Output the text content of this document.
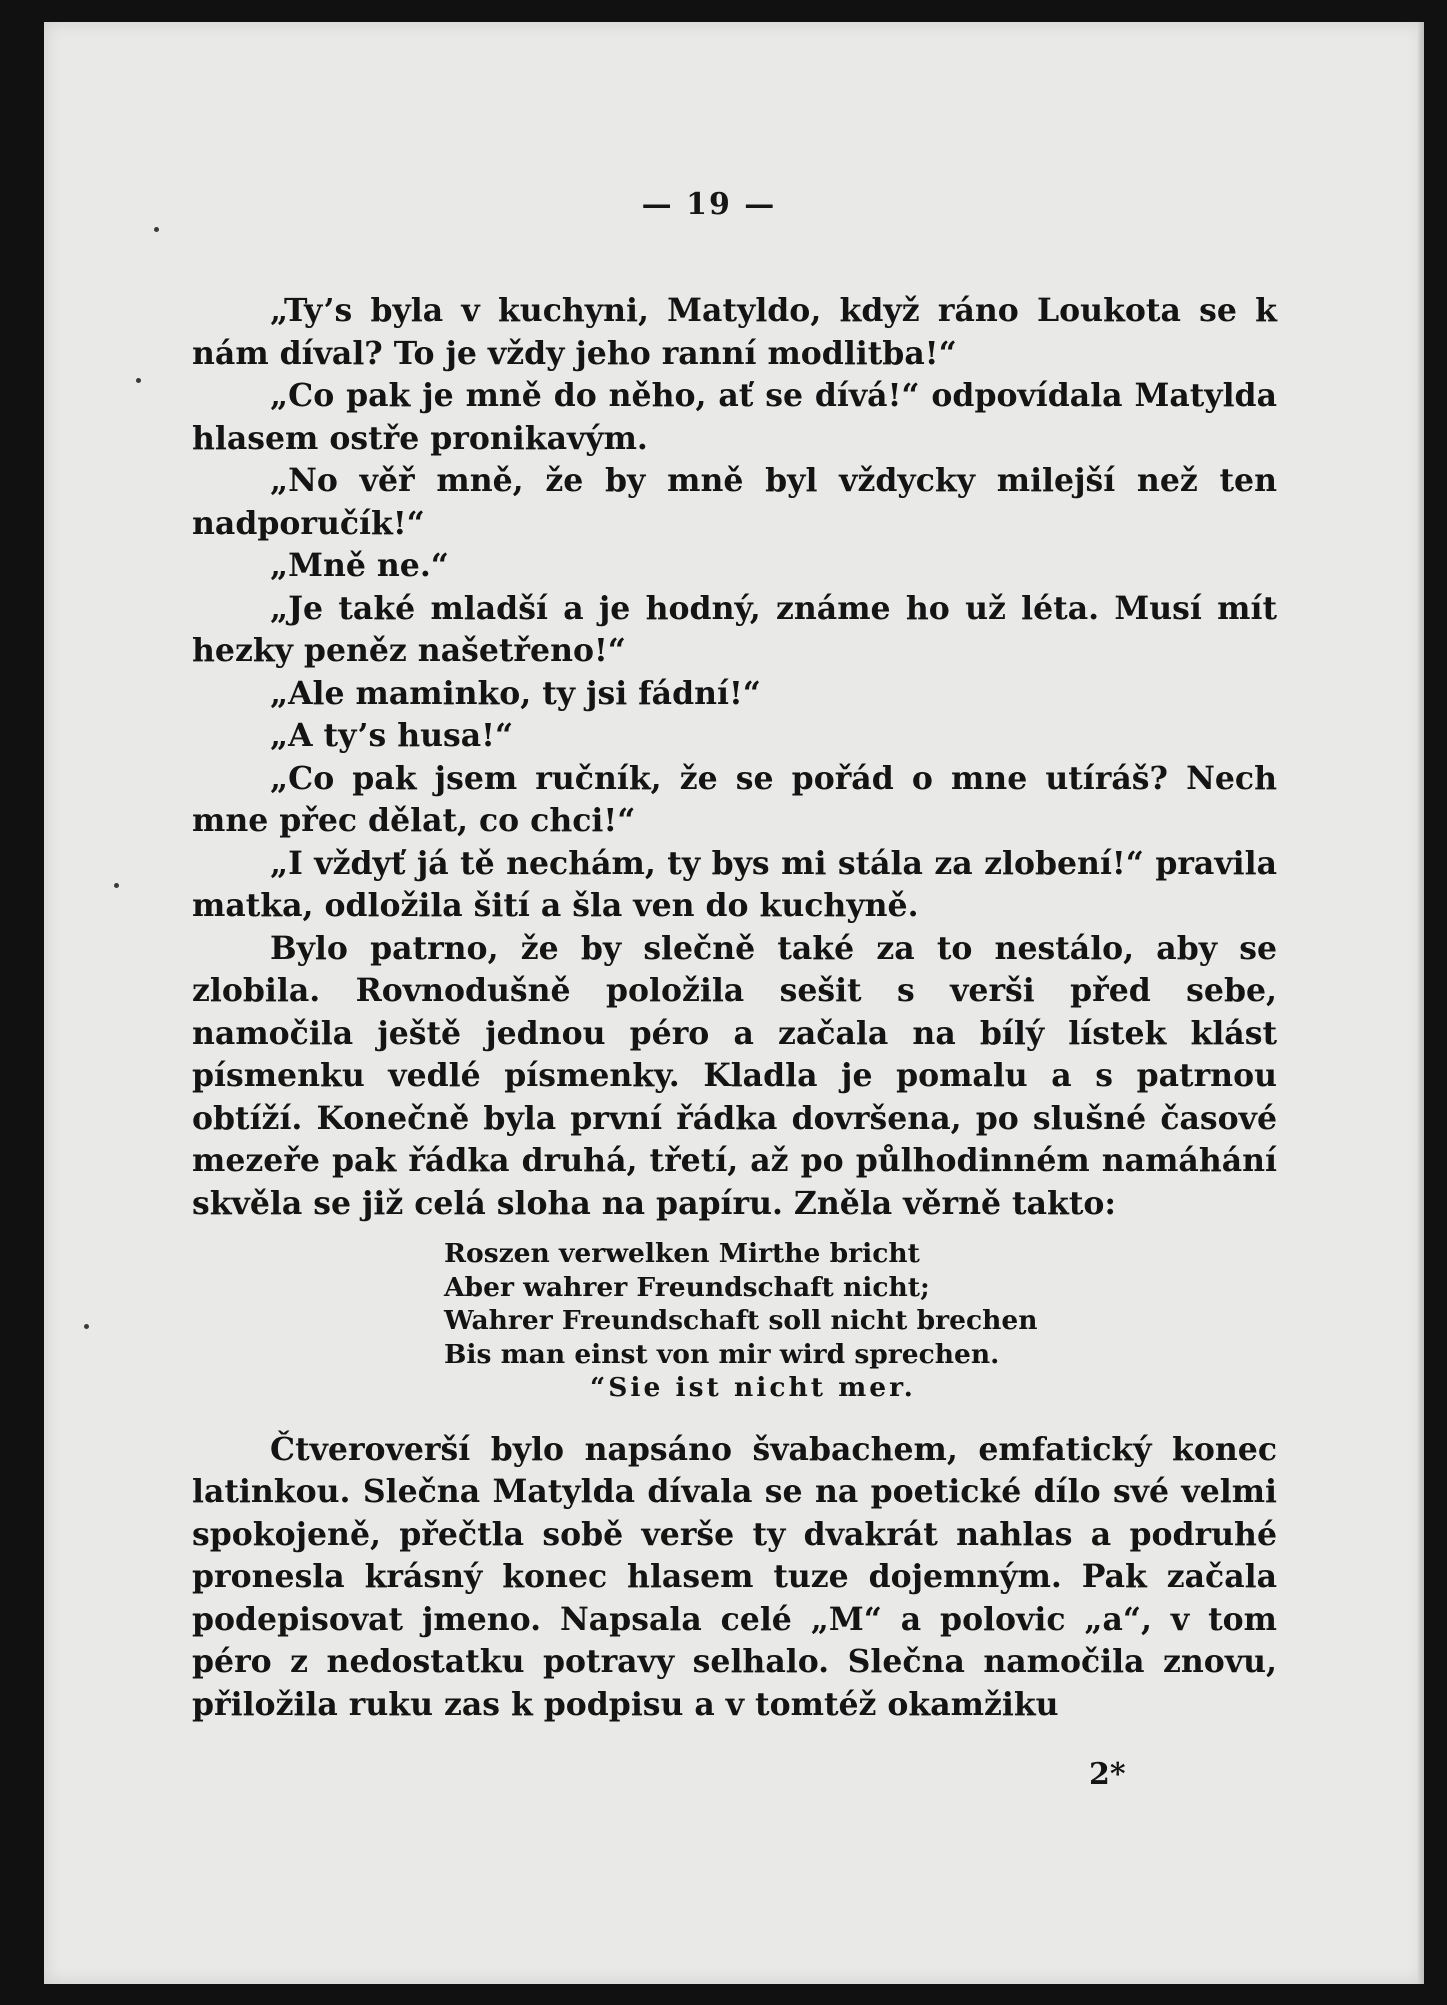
— 19 —

„Ty’s byla v kuchyni, Matyldo, když ráno Loukota se k nám díval? To je vždy jeho ranní modlitba!“

„Co pak je mně do něho, ať se dívá!“ odpovídala Matylda hlasem ostře pronikavým.

„No věř mně, že by mně byl vždycky milejší než ten nadporučík!“

„Mně ne.“

„Je také mladší a je hodný, známe ho už léta. Musí mít hezky peněz našetřeno!“

„Ale maminko, ty jsi fádní!“

„A ty’s husa!“

„Co pak jsem ručník, že se pořád o mne utíráš? Nech mne přec dělat, co chci!“

„I vždyť já tě nechám, ty bys mi stála za zlobení!“ pravila matka, odložila šití a šla ven do kuchyně.

Bylo patrno, že by slečně také za to nestálo, aby se zlobila. Rovnodušně položila sešit s verši před sebe, namočila ještě jednou péro a začala na bílý lístek klást písmenku vedlé písmenky. Kladla je pomalu a s patrnou obtíží. Konečně byla první řádka dovršena, po slušné časové mezeře pak řádka druhá, třetí, až po půlhodinném namáhání skvěla se již celá sloha na papíru. Zněla věrně takto:

Roszen verwelken Mirthe bricht
Aber wahrer Freundschaft nicht;
Wahrer Freundschaft soll nicht brechen
Bis man einst von mir wird sprechen.
“Sie ist nicht mer.

Čtveroverší bylo napsáno švabachem, emfatický konec latinkou. Slečna Matylda dívala se na poetické dílo své velmi spokojeně, přečtla sobě verše ty dvakrát nahlas a podruhé pronesla krásný konec hlasem tuze dojemným. Pak začala podepisovat jmeno. Napsala celé „M“ a polovic „a“, v tom péro z nedostatku potravy selhalo. Slečna namočila znovu, přiložila ruku zas k podpisu a v tomtéž okamžiku

2*
